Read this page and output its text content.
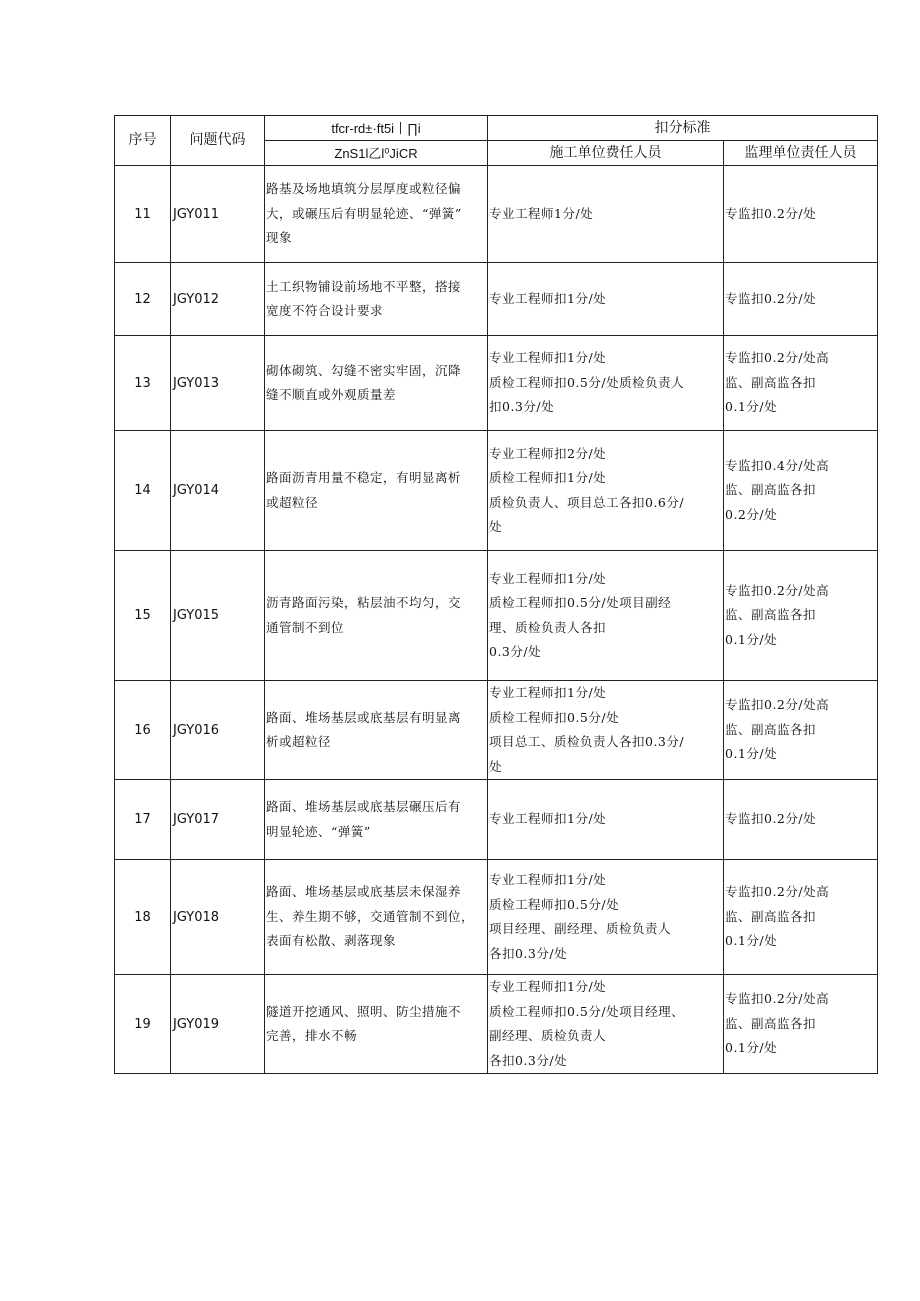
序号	问题代码	tfcr-rd±·ft5i丨∏i	扣分标准	
		ZnS1l乙l⁰JiCR	施工单位费任人员	监理单位责任人员
11	JGY011	路基及场地填筑分层厚度或粒径偏
大，或碾压后有明显轮迹、“弹簧”
现象	专业工程师1分/处	专监扣0.2分/处
12	JGY012	土工织物铺设前场地不平整，搭接
宽度不符合设计要求	专业工程师扣1分/处	专监扣0.2分/处
13	JGY013	砌体砌筑、勾缝不密实牢固，沉降
缝不顺直或外观质量差	专业工程师扣1分/处
质检工程师扣0.5分/处质检负责人
扣0.3分/处	专监扣0.2分/处高
监、副高监各扣
0.1分/处
14	JGY014	路面沥青用量不稳定，有明显离析
或超粒径	专业工程师扣2分/处
质检工程师扣1分/处
质检负责人、项目总工各扣0.6分/
处	专监扣0.4分/处高
监、副高监各扣
0.2分/处
15	JGY015	沥青路面污染，粘层油不均匀，交
通管制不到位	专业工程师扣1分/处
质检工程师扣0.5分/处项目副经
理、质检负责人各扣
0.3分/处	专监扣0.2分/处高
监、副高监各扣
0.1分/处
16	JGY016	路面、堆场基层或底基层有明显离
析或超粒径	专业工程师扣1分/处
质检工程师扣0.5分/处
项目总工、质检负责人各扣0.3分/
处	专监扣0.2分/处高
监、副高监各扣
0.1分/处
17	JGY017	路面、堆场基层或底基层碾压后有
明显轮迹、“弹簧”	专业工程师扣1分/处	专监扣0.2分/处
18	JGY018	路面、堆场基层或底基层未保湿养
生、养生期不够，交通管制不到位，
表面有松散、剥落现象	专业工程师扣1分/处
质检工程师扣0.5分/处
项目经理、副经理、质检负责人
各扣0.3分/处	专监扣0.2分/处高
监、副高监各扣
0.1分/处
19	JGY019	隧道开挖通风、照明、防尘措施不
完善，排水不畅	专业工程师扣1分/处
质检工程师扣0.5分/处项目经理、
副经理、质检负责人
各扣0.3分/处	专监扣0.2分/处高
监、副高监各扣
0.1分/处
